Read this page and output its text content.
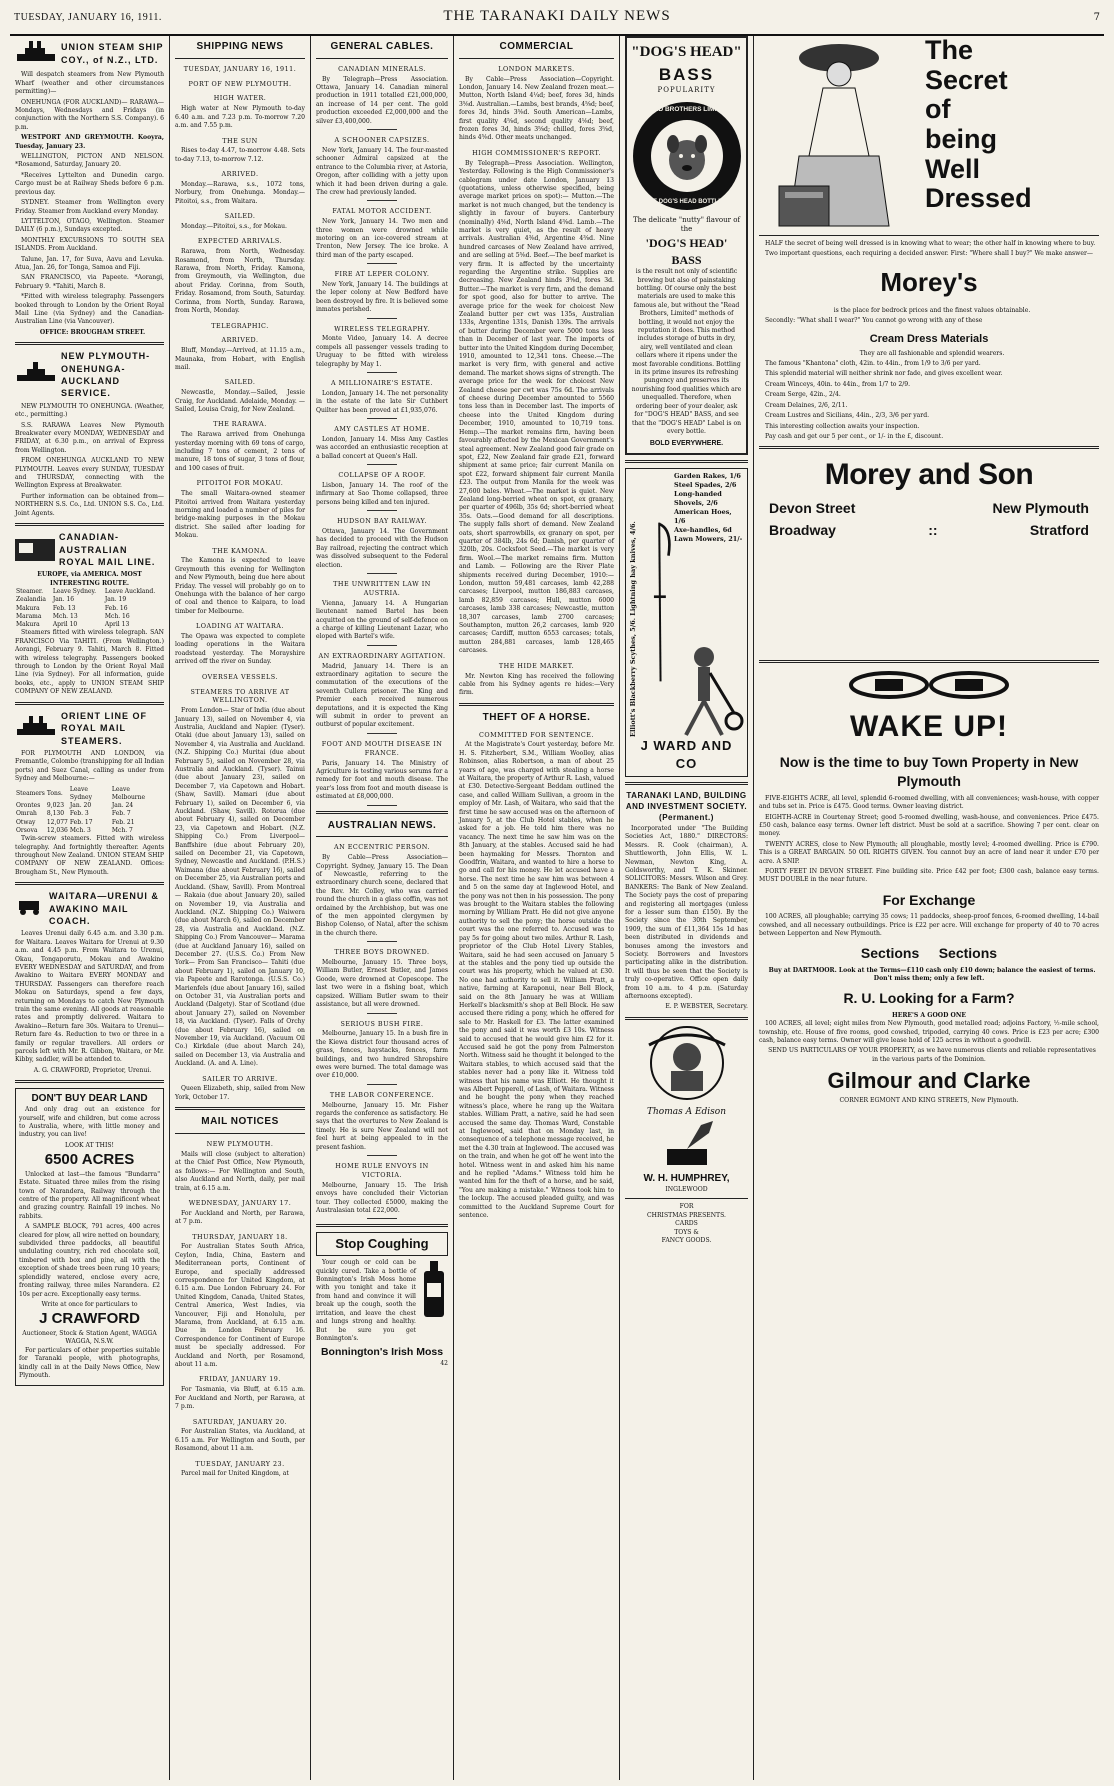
TUESDAY, JANUARY 16, 1911.	THE TARANAKI DAILY NEWS	7
UNION STEAM SHIP COY., of N.Z., LTD.

Will despatch steamers from New Plymouth Wharf (weather and other circumstances permitting)—

ONEHUNGA (FOR AUCKLAND)— RARAWA—Mondays, Wednesdays and Fridays (in conjunction with the Northern S.S. Company). 6 p.m.

WESTPORT AND GREYMOUTH. Kooyra, Tuesday, January 23.

WELLINGTON, PICTON AND NELSON. *Rosamond, Saturday, January 20.

*Receives Lyttelton and Dunedin cargo. Cargo must be at Railway Sheds before 6 p.m. previous day.

SYDNEY. Steamer from Wellington every Friday. Steamer from Auckland every Monday.

LYTTELTON, OTAGO, Wellington. Steamer DAILY (6 p.m.), Sundays excepted.

MONTHLY EXCURSIONS TO SOUTH SEA ISLANDS. From Auckland.

Talune, Jan. 17, for Suva, Aavu and Levuka. Atua, Jan. 26, for Tonga, Samoa and Fiji.

SAN FRANCISCO, via Papeete. *Aorangi, February 9. *Tahiti, March 8.

*Fitted with wireless telegraphy. Passengers booked through to London by the Orient Royal Mail Line (via Sydney) and the Canadian-Australian Line (via Vancouver).

OFFICE: BROUGHAM STREET.

NEW PLYMOUTH-ONEHUNGA-AUCKLAND SERVICE.

NEW PLYMOUTH TO ONEHUNGA. (Weather, etc., permitting.)

S.S. RARAWA Leaves New Plymouth Breakwater every MONDAY, WEDNESDAY and FRIDAY, at 6.30 p.m., on arrival of Express from Wellington.

FROM ONEHUNGA AUCKLAND TO NEW PLYMOUTH. Leaves every SUNDAY, TUESDAY and THURSDAY, connecting with the Wellington Express at Breakwater.

Further information can be obtained from— NORTHERN S.S. Co., Ltd. UNION S.S. Co., Ltd. Joint Agents.

CANADIAN-AUSTRALIAN ROYAL MAIL LINE.
EUROPE, via AMERICA. MOST INTERESTING ROUTE.
Steamer.	Leave Sydney.	Leave Auckland.
Zealandia	Jan. 16	Jan. 19
Makura	Feb. 13	Feb. 16
Marama	Mch. 13	Mch. 16
Makura	April 10	April 13

Steamers fitted with wireless telegraph. SAN FRANCISCO Via TAHITI. (From Wellington.) Aorangi, February 9. Tahiti, March 8. Fitted with wireless telegraphy. Passengers booked through to London by the Orient Royal Mail Line (via Sydney). For all information, guide books, etc., apply to UNION STEAM SHIP COMPANY OF NEW ZEALAND.

ORIENT LINE OF ROYAL MAIL STEAMERS.

FOR PLYMOUTH AND LONDON, via Fremantle, Colombo (transhipping for all Indian ports) and Suez Canal, calling as under from Sydney and Melbourne:—

Steamers	Tons.	Leave Sydney	Leave Melbourne
Orontes	9,023	Jan. 20	Jan. 24
Omrah	8,130	Feb. 3	Feb. 7
Otway	12,077	Feb. 17	Feb. 21
Orsova	12,036	Mch. 3	Mch. 7

Twin-screw steamers. Fitted with wireless telegraphy. And fortnightly thereafter. Agents throughout New Zealand. UNION STEAM SHIP COMPANY OF NEW ZEALAND. Offices: Brougham St., New Plymouth.

WAITARA—URENUI & AWAKINO MAIL COACH.

Leaves Urenui daily 6.45 a.m. and 3.30 p.m. for Waitara. Leaves Waitara for Urenui at 9.30 a.m. and 4.45 p.m. From Waitara to Urenui, Okau, Tongaporutu, Mokau and Awakino EVERY WEDNESDAY and SATURDAY, and from Awakino to Waitara EVERY MONDAY and THURSDAY. Passengers can therefore reach Mokau on Saturdays, spend a few days, returning on Mondays to catch New Plymouth train the same evening. All goods at reasonable rates and promptly delivered. Waitara to Awakino—Return fare 30s. Waitara to Urenui—Return fare 4s. Reduction to two or three in a family or regular travellers. All orders or parcels left with Mr. R. Gibbon, Waitara, or Mr. Kibby, saddler, will be attended to.

A. G. CRAWFORD, Proprietor, Urenui.

DON'T BUY DEAR LAND

And only drag out an existence for yourself, wife and children, but come across to Australia, where, with little money and industry, you can live!

LOOK AT THIS!
6500 ACRES

Unlocked at last—the famous "Bundarra" Estate. Situated three miles from the rising town of Narandera, Railway through the centre of the property. All magnificent wheat and grazing country. Rainfall 19 inches. No rabbits.

A SAMPLE BLOCK, 791 acres, 400 acres cleared for plow, all wire netted on boundary, subdivided three paddocks, all beautiful undulating country, rich red chocolate soil, timbered with box and pine, all with the exception of shade trees been rung 10 years; splendidly watered, enclose every acre, fronting railway, three miles Narandera. £2 10s per acre. Exceptionally easy terms.

Write at once for particulars to
J CRAWFORD
Auctioneer, Stock & Station Agent, WAGGA WAGGA, N.S.W.

For particulars of other properties suitable for Taranaki people, with photographs, kindly call in at the Daily News Office, New Plymouth.

SHIPPING NEWS
TUESDAY, JANUARY 16, 1911.
PORT OF NEW PLYMOUTH.
HIGH WATER.

High water at New Plymouth to-day 6.40 a.m. and 7.23 p.m. To-morrow 7.20 a.m. and 7.55 p.m.

THE SUN

Rises to-day 4.47, to-morrow 4.48. Sets to-day 7.13, to-morrow 7.12.

ARRIVED.

Monday.—Rarawa, s.s., 1072 tons, Norbury, from Onehunga. Monday.—Pitoitoi, s.s., from Waitara.

SAILED.

Monday.—Pitoitoi, s.s., for Mokau.

EXPECTED ARRIVALS.

Rarawa, from North, Wednesday. Rosamond, from North, Thursday. Rarawa, from North, Friday. Kamona, from Greymouth, via Wellington, due about Friday. Corinna, from South, Friday. Rosamond, from South, Saturday. Corinna, from North, Sunday. Rarawa, from North, Monday.

TELEGRAPHIC.
ARRIVED.

Bluff, Monday.—Arrived, at 11.15 a.m., Maunaka, from Hobart, with English mail.

SAILED.

Newcastle, Monday.—Sailed, Jessie Craig, for Auckland. Adelaide, Monday. — Sailed, Louisa Craig, for New Zealand.

THE RARAWA.

The Rarawa arrived from Onehunga yesterday morning with 69 tons of cargo, including 7 tons of cement, 2 tens of manure, 18 tons of sugar, 3 tons of flour, and 100 cases of fruit.

PITOITOI FOR MOKAU.

The small Waitara-owned steamer Pitoitoi arrived from Waitara yesterday morning and loaded a number of piles for bridge-making purposes in the Mokau district. She sailed after loading for Mokau.

THE KAMONA.

The Kamona is expected to leave Greymouth this evening for Wellington and New Plymouth, being due here about Friday. The vessel will probably go on to Onehunga with the balance of her cargo of coal and thence to Kaipara, to load timber for Melbourne.

LOADING AT WAITARA.

The Opawa was expected to complete loading operations in the Waitara roadstead yesterday. The Morayshire arrived off the river on Sunday.

OVERSEA VESSELS.
STEAMERS TO ARRIVE AT WELLINGTON.

From London— Star of India (due about January 13), sailed on November 4, via Australia, Auckland and Napier. (Tyser). Otaki (due about January 13), sailed on November 4, via Australia and Auckland. (N.Z. Shipping Co.) Muritai (due about February 5), sailed on November 28, via Australia and Auckland. (Tyser). Tainui (due about January 23), sailed on December 7, via Capetown and Hobart. (Shaw, Savill). Mamari (due about February 1), sailed on December 6, via Auckland. (Shaw, Savill). Rotorua (due about February 4), sailed on December 23, via Capetown and Hobart. (N.Z. Shipping Co.) From Liverpool— Banffshire (due about February 20), sailed on December 21, via Capetown, Sydney, Newcastle and Auckland. (P.H.S.) Waimana (due about February 16), sailed on December 25, via Australian ports and Auckland. (Shaw, Savill). From Montreal— Rakaia (due about January 20), sailed on November 19, via Australia and Auckland. (N.Z. Shipping Co.) Waiwera (due about March 6), sailed on December 28, via Australia and Auckland. (N.Z. Shipping Co.) From Vancouver— Marama (due at Auckland January 16), sailed on December 27. (U.S.S. Co.) From New York— From San Francisco— Tahiti (due about February 1), sailed on January 10, via Papeete and Rarotonga. (U.S.S. Co.) Marienfels (due about January 16), sailed on October 31, via Australian ports and Auckland (Dalgety). Star of Scotland (due about January 27), sailed on November 18, via Auckland. (Tyser). Falls of Orchy (due about February 16), sailed on November 19, via Auckland. (Vacuum Oil Co.) Kirkdale (due about March 24), sailed on December 13, via Australia and Auckland. (A. and A. Line).

SAILER TO ARRIVE.

Queen Elizabeth, ship, sailed from New York, October 17.

MAIL NOTICES
NEW PLYMOUTH.

Mails will close (subject to alteration) at the Chief Post Office, New Plymouth, as follows:— For Wellington and South, also Auckland and North, daily, per mail train, at 6.15 a.m.

WEDNESDAY, JANUARY 17.

For Auckland and North, per Rarawa, at 7 p.m.

THURSDAY, JANUARY 18.

For Australian States South Africa, Ceylon, India, China, Eastern and Mediterranean ports, Continent of Europe, and specially addressed correspondence for United Kingdom, at 6.15 a.m. Due London February 24. For United Kingdom, Canada, United States, Central America, West Indies, via Vancouver, Fiji and Honolulu, per Marama, from Auckland, at 6.15 a.m. Due in London February 16. Correspondence for Continent of Europe must be specially addressed. For Auckland and North, per Rosamond, about 11 a.m.

FRIDAY, JANUARY 19.

For Tasmania, via Bluff, at 6.15 a.m. For Auckland and North, per Rarawa, at 7 p.m.

SATURDAY, JANUARY 20.

For Australian States, via Auckland, at 6.15 a.m. For Wellington and South, per Rosamond, about 11 a.m.

TUESDAY, JANUARY 23.

Parcel mail for United Kingdom, at

GENERAL CABLES.
CANADIAN MINERALS.

By Telegraph—Press Association. Ottawa, January 14. Canadian mineral production in 1911 totalled £21,000,000, an increase of 14 per cent. The gold production exceeded £2,000,000 and the silver £3,400,000.

A SCHOONER CAPSIZES.

New York, January 14. The four-masted schooner Admiral capsized at the entrance to the Columbia river, at Astoria, Oregon, after colliding with a jetty upon which it had been driven during a gale. The crew had previously landed.

FATAL MOTOR ACCIDENT.

New York, January 14. Two men and three women were drowned while motoring on an ice-covered stream at Trenton, New Jersey. The ice broke. A third man of the party escaped.

FIRE AT LEPER COLONY.

New York, January 14. The buildings at the leper colony at New Bedford have been destroyed by fire. It is believed some inmates perished.

WIRELESS TELEGRAPHY.

Monte Video, January 14. A decree compels all passenger vessels trading to Uruguay to be fitted with wireless telegraphy by May 1.

A MILLIONAIRE'S ESTATE.

London, January 14. The net personality in the estate of the late Sir Cuthbert Quilter has been proved at £1,935,076.

AMY CASTLES AT HOME.

London, January 14. Miss Amy Castles was accorded an enthusiastic reception at a ballad concert at Queen's Hall.

COLLAPSE OF A ROOF.

Lisbon, January 14. The roof of the infirmary at Sao Thome collapsed, three persons being killed and ten injured.

HUDSON BAY RAILWAY.

Ottawa, January 14. The Government has decided to proceed with the Hudson Bay railroad, rejecting the contract which was dissolved subsequent to the Federal election.

THE UNWRITTEN LAW IN AUSTRIA.

Vienna, January 14. A Hungarian lieutenant named Bartel has been acquitted on the ground of self-defence on a charge of killing Lieutenant Lazar, who eloped with Bartel's wife.

AN EXTRAORDINARY AGITATION.

Madrid, January 14. There is an extraordinary agitation to secure the commutation of the executions of the seventh Cullera prisoner. The King and Premier each received numerous deputations, and it is expected the King will submit in order to prevent an outburst of popular excitement.

FOOT AND MOUTH DISEASE IN FRANCE.

Paris, January 14. The Ministry of Agriculture is testing various serums for a remedy for foot and mouth disease. The year's loss from foot and mouth disease is estimated at £8,000,000.

AUSTRALIAN NEWS.
AN ECCENTRIC PERSON.

By Cable—Press Association—Copyright. Sydney, January 15. The Dean of Newcastle, referring to the extraordinary church scene, declared that the Rev. Mr. Colley, who was carried round the church in a glass coffin, was not ordained by the Archbishop, but was one of the men appointed clergymen by Bishop Colenso, of Natal, after the schism in the church there.

THREE BOYS DROWNED.

Melbourne, January 15. Three boys, William Butler, Ernest Butler, and James Goode, were drowned at Copescope. The last two were in a fishing boat, which capsized. William Butler swam to their assistance, but all were drowned.

SERIOUS BUSH FIRE.

Melbourne, January 15. In a bush fire in the Kiewa district four thousand acres of grass, fences, haystacks, fences, farm buildings, and two hundred Shropshire ewes were burned. The total damage was over £10,000.

THE LABOR CONFERENCE.

Melbourne, January 15. Mr. Fisher regards the conference as satisfactory. He says that the overtures to New Zealand is timely. He is sure New Zealand will not feel hurt at being appealed to in the present fashion.

HOME RULE ENVOYS IN VICTORIA.

Melbourne, January 15. The Irish envoys have concluded their Victorian tour. They collected £5000, making the Australasian total £22,000.

Stop Coughing

Your cough or cold can be quickly cured. Take a bottle of Bonnington's Irish Moss home with you tonight and take it from hand and convince it will break up the cough, sooth the irritation, and leave the chest and lungs strong and healthy. But be sure you get Bonnington's.

Bonnington's Irish Moss
42
COMMERCIAL
LONDON MARKETS.

By Cable—Press Association—Copyright. London, January 14. New Zealand frozen meat.—Mutton, North Island 4¼d; beef, fores 3d, hinds 3⅝d. Australian.—Lambs, best brands, 4⅝d; beef, fores 3d, hinds 3⅝d. South American—Lambs, first quality 4⅝d, second quality 4⅛d; beef, frozen fores 3d, hinds 3⅝d; chilled, fores 3⅝d, hinds 4⅝d. Other meats unchanged.

HIGH COMMISSIONER'S REPORT.

By Telegraph—Press Association. Wellington, Yesterday. Following is the High Commissioner's cablegram under date London, January 13 (quotations, unless otherwise specified, being average market prices on spot):— Mutton.—The market is not much changed, but the tendency is slightly in favour of buyers. Canterbury (nominally) 4⅝d, North Island 4⅜d. Lamb.—The market is very quiet, as the result of heavy arrivals. Australian 4⅜d, Argentine 4⅜d. Nine hundred carcases of New Zealand have arrived, and are selling at 5⅝d. Beef.—The beef market is very firm. It is affected by the uncertainty regarding the Argentine strike. Supplies are decreasing. New Zealand hinds 3⅝d, fores 3d. Butter.—The market is very firm, and the demand for spot good, also for butter to arrive. The average price for the week for choicest New Zealand butter per cwt was 135s, Australian 133s, Argentine 131s, Danish 139s. The arrivals of butter during December were 5000 tons less than in December of last year. The imports of butter into the United Kingdom during December, 1910, amounted to 12,341 tons. Cheese.—The market is very firm, with general and active demand. The market shows signs of strength. The average price for the week for choicest New Zealand cheese per cwt was 75s 6d. The arrivals of cheese during December amounted to 5560 tons less than in December last. The imports of cheese into the United Kingdom during December, 1910, amounted to 10,719 tons. Hemp.—The market remains firm, having been favourably affected by the Mexican Government's steal agreement. New Zealand good fair grade on spot, £22, New Zealand fair grade £21, forward shipment at same price; fair current Manila on spot £22, forward shipment fair current Manila £23. The output from Manila for the week was 27,600 bales. Wheat.—The market is quiet. New Zealand long-berried wheat on spot, ex granary, per quarter of 496lb, 35s 6d; short-berried wheat 35s. Oats.—Good demand for all descriptions. The supply falls short of demand. New Zealand oats, short sparrowbills, ex granary on spot, per quarter of 384lb, 24s 6d; Danish, per quarter of 320lb, 20s. Cocksfoot Seed.—The market is very firm. Wool.—The market remains firm. Mutton and Lamb. — Following are the River Plate shipments received during December, 1910:—London, mutton 59,481 carcases, lamb 42,288 carcases; Liverpool, mutton 186,883 carcases, lamb 82,859 carcases; Hull, mutton 6000 carcases, lamb 338 carcases; Newcastle, mutton 18,307 carcases, lamb 2700 carcases; Southampton, mutton 26,2 carcases, lamb 920 carcases; Cardiff, mutton 6553 carcases; totals, mutton 284,881 carcases, lamb 128,465 carcases.

THE HIDE MARKET.

Mr. Newton King has received the following cable from his Sydney agents re hides:—Very firm.

THEFT OF A HORSE.
COMMITTED FOR SENTENCE.

At the Magistrate's Court yesterday, before Mr. H. S. Fitzherbert, S.M., William Woolley, alias Robinson, alias Robertson, a man of about 25 years of age, was charged with stealing a horse at Waitara, the property of Arthur R. Lash, valued at £30. Detective-Sergeant Beddam outlined the case, and called William Sullivan, a groom in the employ of Mr. Lash, of Waitara, who said that the first time he saw accused was on the afternoon of January 5, at the Club Hotel stables, when he asked for a job. He told him there was no vacancy. The next time he saw him was on the 8th January, at the stables. Accused said he had been haymaking for Messrs. Thornton and Goodfrin, Waitara, and wanted to hire a horse to go and call for his money. He let accused have a horse. The next time he saw him was between 4 and 5 on the same day at Inglewood Hotel, and the pony was not then in his possession. The pony was brought to the Waitara stables the following morning by William Pratt. He did not give anyone authority to sell the pony; the horse outside the court was the one referred to. Accused was to pay 5s for going about two miles. Arthur R. Lash, proprietor of the Club Hotel Livery Stables, Waitara, said he had seen accused on January 5 at the stables and the pony tied up outside the court was his property, which he valued at £30. No one had authority to sell it. William Pratt, a native, farming at Karaponui, near Bell Block, said on the 8th January he was at William Herkell's blacksmith's shop at Bell Block. He saw accused there riding a pony, which he offered for sale to Mr. Haskell for £3. The latter examined the pony and said it was worth £3 10s. Witness said to accused that he would give him £2 for it. Accused said he got the pony from Palmerston North. Witness said he thought it belonged to the Waitara stables, to which accused said that the stables never had a pony like it. Witness told witness that his name was Elliott. He thought it was Albert Pepperell, of Lash, of Waitara. Witness and he bought the pony when they reached witness's place, where he rang up the Waitara stables. William Pratt, a native, said he had seen accused the same day. Thomas Ward, Constable at Inglewood, said that on Monday last, in consequence of a telephone message received, he met the 4.30 train at Inglewood. The accused was on the train, and when he got off he went into the hotel. Witness went in and asked him his name and he replied "Adams." Witness told him he wanted him for the theft of a horse, and he said, "You are making a mistake." Witness took him to the lockup. The accused pleaded guilty, and was committed to the Auckland Supreme Court for sentence.

"DOG'S HEAD"
BASS
POPULARITY
HEAD BROTHERS LIMITED
THE DOG'S HEAD BOTTLING
The delicate "nutty" flavour of the
'DOG'S HEAD' BASS

is the result not only of scientific brewing but also of painstaking bottling. Of course only the best materials are used to make this famous ale, but without the "Read Brothers, Limited" methods of bottling, it would not enjoy the reputation it does. This method includes storage of butts in dry, airy, well ventilated and clean cellars where it ripens under the most favorable conditions. Bottling in its prime insures its refreshing pungency and preserves its nourishing food qualities which are unequalled. Therefore, when ordering beer of your dealer, ask for "DOG'S HEAD" BASS, and see that the "DOG'S HEAD" Label is on every bottle.

BOLD EVERYWHERE.
Elliott's Blackberry Scythes, 5/6. Lightning hay knives, 4/6.
Garden Rakes, 1/6
Steel Spades, 2/6
Long-handed Shovels, 2/6
American Hoes, 1/6
Axe-handles, 6d
Lawn Mowers, 21/-
J WARD AND CO
TARANAKI LAND, BUILDING AND INVESTMENT SOCIETY. (Permanent.)

Incorporated under "The Building Societies Act, 1880." DIRECTORS: Messrs. R. Cook (chairman), A. Shuttleworth, John Ellis, W. L. Newman, Newton King, A. Goldsworthy, and T. K. Skinner. SOLICITORS: Messrs. Wilson and Grey. BANKERS: The Bank of New Zealand. The Society pays the cost of preparing and registering all mortgages (unless for a lesser sum than £150). By the Society since the 30th September, 1909, the sum of £11,364 15s 1d has been distributed in dividends and bonuses among the investors and Society. Borrowers and Investors participating alike in the distribution. It will thus be seen that the Society is truly co-operative. Office open daily from 10 a.m. to 4 p.m. (Saturday afternoons excepted).

E. P. WEBSTER, Secretary.
Thomas A Edison
W. H. HUMPHREY,
INGLEWOOD
FOR
CHRISTMAS PRESENTS.
CARDS
TOYS &
FANCY GOODS.
The
Secret
of
being
Well
Dressed

HALF the secret of being well dressed is in knowing what to wear; the other half in knowing where to buy.

Two important questions, each requiring a decided answer. First: "Where shall I buy?" We make answer—

Morey's

is the place for bedrock prices and the finest values obtainable.

Secondly: "What shall I wear?" You cannot go wrong with any of these

Cream Dress Materials

They are all fashionable and splendid wearers.

The famous "Khantona" cloth, 42in. to 44in., from 1/9 to 3/6 per yard.

This splendid material will neither shrink nor fade, and gives excellent wear.

Cream Winceys, 40in. to 44in., from 1/7 to 2/9.

Cream Serge, 42in., 2/4.

Cream Delaines, 2/6, 2/11.

Cream Lustres and Sicilians, 44in., 2/3, 3/6 per yard.

This interesting collection awaits your inspection.

Pay cash and get our 5 per cent., or 1/- in the £, discount.

Morey and Son
Devon Street	New Plymouth
Broadway	::	Stratford
WAKE UP!
Now is the time to buy Town Property in New Plymouth

FIVE-EIGHTS ACRE, all level, splendid 6-roomed dwelling, with all conveniences; wash-house, with copper and tubs set in. Price is £475. Good terms. Owner leaving district.

EIGHTH-ACRE in Courtenay Street; good 5-roomed dwelling, wash-house, and conveniences. Price £475. £50 cash, balance easy terms. Owner left district. Must be sold at a sacrifice. Showing 7 per cent. clear on money.

TWENTY ACRES, close to New Plymouth; all ploughable, mostly level; 4-roomed dwelling. Price is £790. This is a GREAT BARGAIN. 50 OIL RIGHTS GIVEN. You cannot buy an acre of land near it under £70 per acre. A SNIP.

FORTY FEET IN DEVON STREET. Fine building site. Price £42 per foot; £300 cash, balance easy terms. MUST DOUBLE in the near future.

For Exchange

100 ACRES, all ploughable; carrying 35 cows; 11 paddocks, sheep-proof fences, 6-roomed dwelling, 14-bail cowshed, and all necessary outbuildings. Price is £22 per acre. Will exchange for property of 40 to 70 acres between Lepperton and New Plymouth.

Sections     Sections

Buy at DARTMOOR. Look at the Terms—£110 cash only £10 down; balance the easiest of terms. Don't miss them; only a few left.

R. U. Looking for a Farm?
HERE'S A GOOD ONE

100 ACRES, all level; eight miles from New Plymouth, good metalled road; adjoins Factory, ½-mile school, township, etc. House of five rooms, good cowshed, tripoded, carrying 40 cows. Price is £23 per acre; £300 cash, balance easy terms. Owner will give lease hold of 125 acres in without a goodwill.

SEND US PARTICULARS OF YOUR PROPERTY, as we have numerous clients and reliable representatives in the various parts of the Dominion.

Gilmour and Clarke
CORNER EGMONT AND KING STREETS, New Plymouth.
